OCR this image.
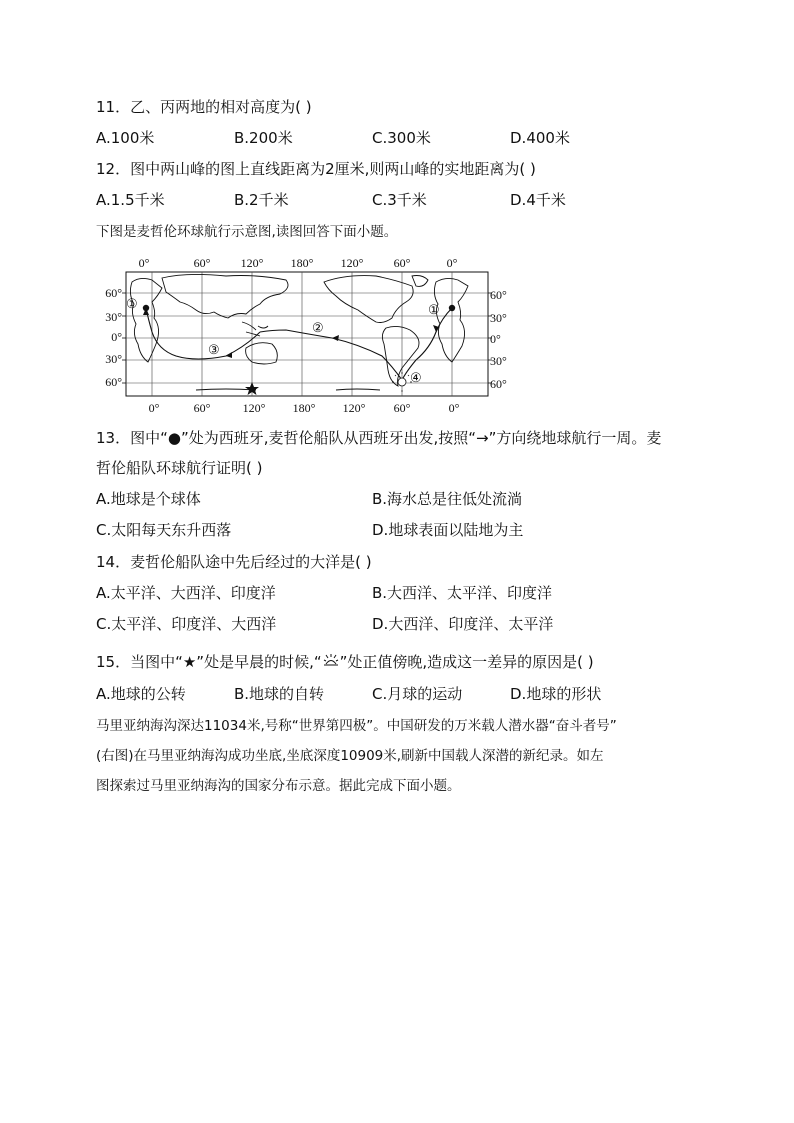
11．乙、丙两地的相对高度为( )
A.100米	B.200米	C.300米	D.400米
12．图中两山峰的图上直线距离为2厘米,则两山峰的实地距离为( )
A.1.5千米	B.2千米	C.3千米	D.4千米
下图是麦哲伦环球航行示意图,读图回答下面小题。
0°	60°	120° 180° 120°	60°	0°
0°	60°	120° 180° 120° 60°	0°
60°
30°
0°
30°
60°
60°
30°
0°
30°
60°
①
②
③
④
①
13．图中“●”处为西班牙,麦哲伦船队从西班牙出发,按照“→”方向绕地球航行一周。麦
哲伦船队环球航行证明( )
A.地球是个球体	B.海水总是往低处流淌
C.太阳每天东升西落	D.地球表面以陆地为主
14．麦哲伦船队途中先后经过的大洋是( )
A.太平洋、大西洋、印度洋	B.大西洋、太平洋、印度洋
C.太平洋、印度洋、大西洋	D.大西洋、印度洋、太平洋
15．当图中“★”处是早晨的时候,“ ”处正值傍晚,造成这一差异的原因是( )
A.地球的公转	B.地球的自转	C.月球的运动	D.地球的形状
马里亚纳海沟深达11034米,号称“世界第四极”。中国研发的万米载人潜水器“奋斗者号”
(右图)在马里亚纳海沟成功坐底,坐底深度10909米,刷新中国载人深潜的新纪录。如左
图探索过马里亚纳海沟的国家分布示意。据此完成下面小题。
